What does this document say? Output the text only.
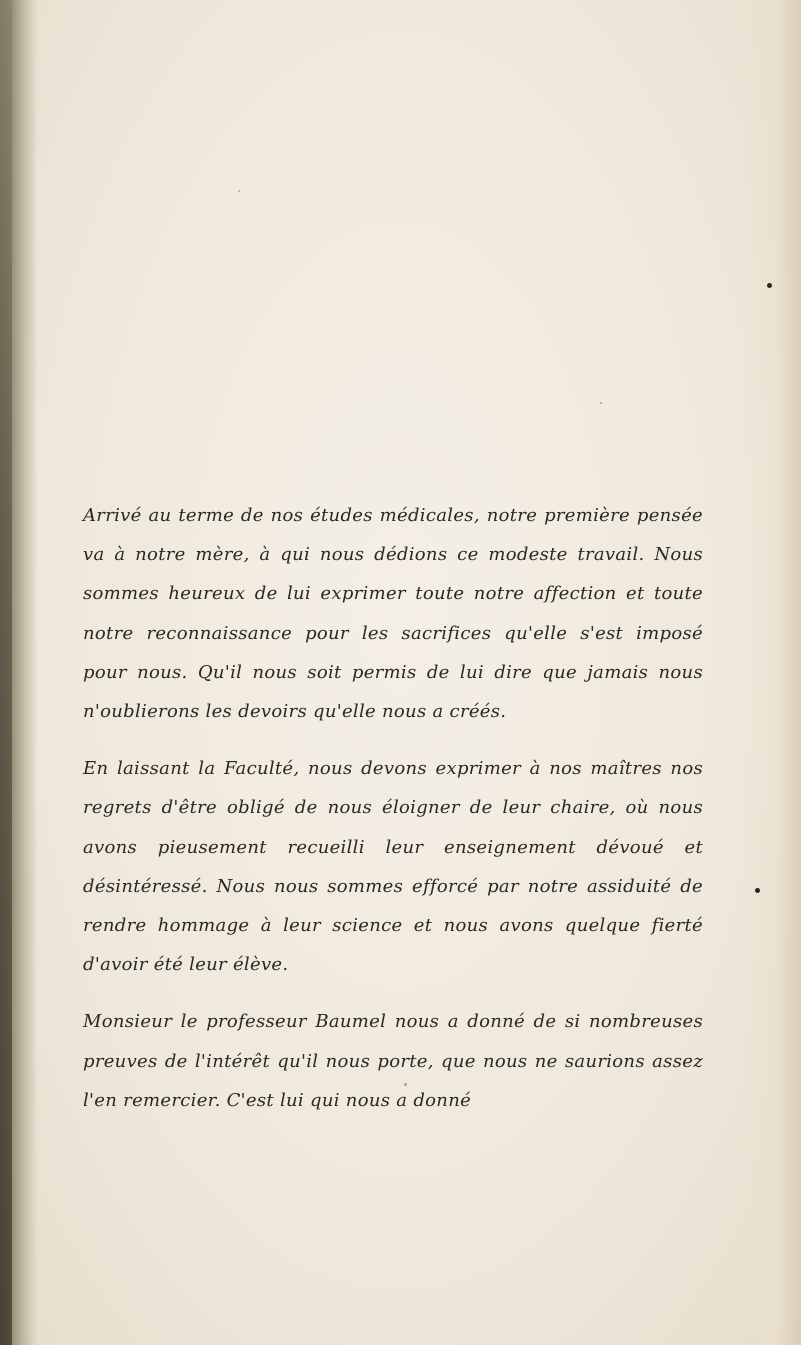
Arrivé au terme de nos études médicales, notre première pensée va à notre mère, à qui nous dédions ce modeste travail. Nous sommes heureux de lui exprimer toute notre affection et toute notre reconnaissance pour les sacrifices qu'elle s'est imposé pour nous. Qu'il nous soit permis de lui dire que jamais nous n'oublierons les devoirs qu'elle nous a créés.

En laissant la Faculté, nous devons exprimer à nos maîtres nos regrets d'être obligé de nous éloigner de leur chaire, où nous avons pieusement recueilli leur enseignement dévoué et désintéressé. Nous nous sommes efforcé par notre assiduité de rendre hommage à leur science et nous avons quelque fierté d'avoir été leur élève.

Monsieur le professeur Baumel nous a donné de si nombreuses preuves de l'intérêt qu'il nous porte, que nous ne saurions assez l'en remercier. C'est lui qui nous a donné
